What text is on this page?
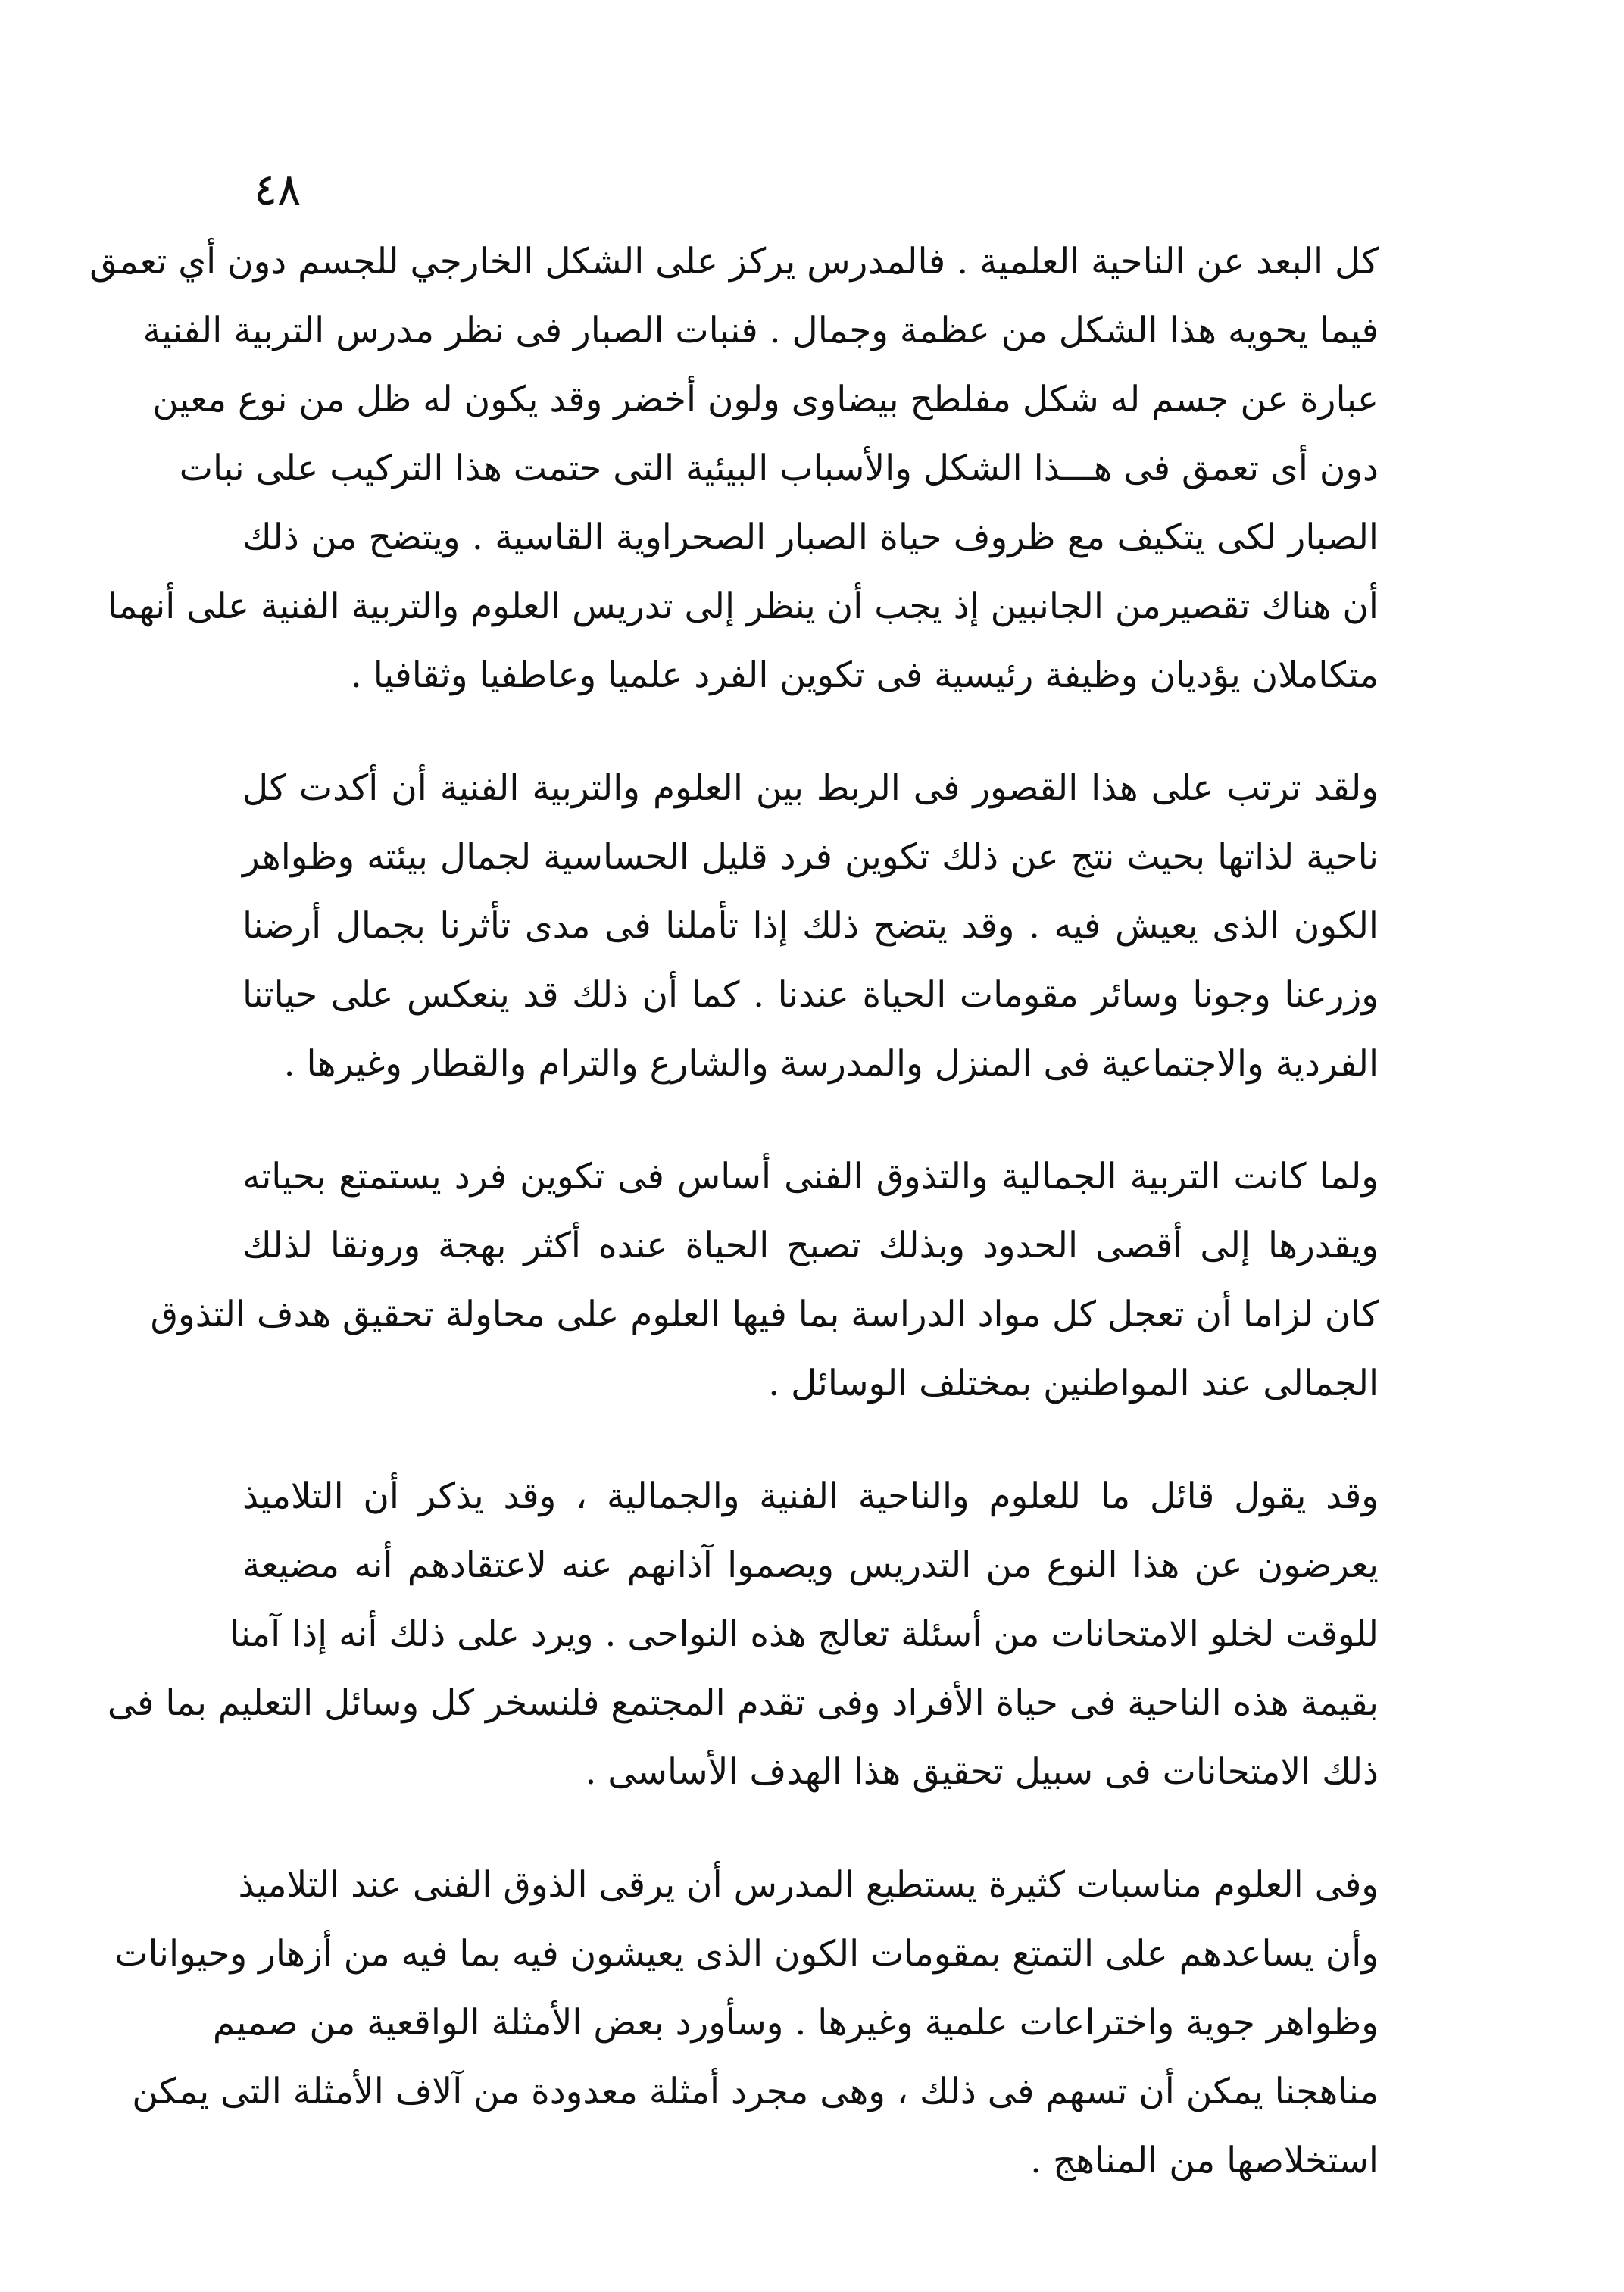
٤٨
كل البعد عن الناحية العلمية . فالمدرس يركز على الشكل الخارجي للجسم دون أي تعمق
فيما يحويه هذا الشكل من عظمة وجمال . فنبات الصبار فى نظر مدرس التربية الفنية
عبارة عن جسم له شكل مفلطح بيضاوى ولون أخضر وقد يكون له ظل من نوع معين
دون أى تعمق فى هـــذا الشكل والأسباب البيئية التى حتمت هذا التركيب على نبات
الصبار لكى يتكيف مع ظروف حياة الصبار الصحراوية القاسية . ويتضح من ذلك
أن هناك تقصيرمن الجانبين إذ يجب أن ينظر إلى تدريس العلوم والتربية الفنية على أنهما
متكاملان يؤديان وظيفة رئيسية فى تكوين الفرد علميا وعاطفيا وثقافيا .
ولقد ترتب على هذا القصور فى الربط بين العلوم والتربية الفنية أن أكدت كل
ناحية لذاتها بحيث نتج عن ذلك تكوين فرد قليل الحساسية لجمال بيئته وظواهر
الكون الذى يعيش فيه . وقد يتضح ذلك إذا تأملنا فى مدى تأثرنا بجمال أرضنا
وزرعنا وجونا وسائر مقومات الحياة عندنا . كما أن ذلك قد ينعكس على حياتنا
الفردية والاجتماعية فى المنزل والمدرسة والشارع والترام والقطار وغيرها .
ولما كانت التربية الجمالية والتذوق الفنى أساس فى تكوين فرد يستمتع بحياته
ويقدرها إلى أقصى الحدود وبذلك تصبح الحياة عنده أكثر بهجة ورونقا لذلك
كان لزاما أن تعجل كل مواد الدراسة بما فيها العلوم على محاولة تحقيق هدف التذوق
الجمالى عند المواطنين بمختلف الوسائل .
وقد يقول قائل ما للعلوم والناحية الفنية والجمالية ، وقد يذكر أن التلاميذ
يعرضون عن هذا النوع من التدريس ويصموا آذانهم عنه لاعتقادهم أنه مضيعة
للوقت لخلو الامتحانات من أسئلة تعالج هذه النواحى . ويرد على ذلك أنه إذا آمنا
بقيمة هذه الناحية فى حياة الأفراد وفى تقدم المجتمع فلنسخر كل وسائل التعليم بما فى
ذلك الامتحانات فى سبيل تحقيق هذا الهدف الأساسى .
وفى العلوم مناسبات كثيرة يستطيع المدرس أن يرقى الذوق الفنى عند التلاميذ
وأن يساعدهم على التمتع بمقومات الكون الذى يعيشون فيه بما فيه من أزهار وحيوانات
وظواهر جوية واختراعات علمية وغيرها . وسأورد بعض الأمثلة الواقعية من صميم
مناهجنا يمكن أن تسهم فى ذلك ، وهى مجرد أمثلة معدودة من آلاف الأمثلة التى يمكن
استخلاصها من المناهج .
